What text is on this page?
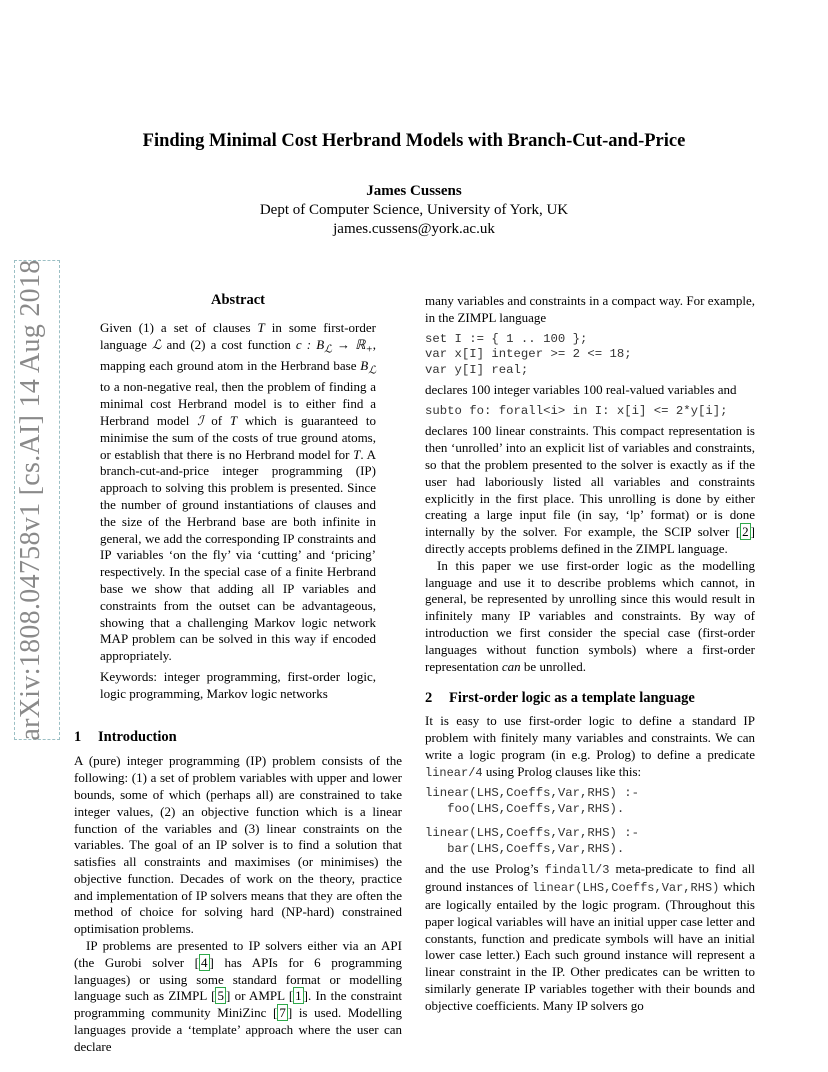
arXiv:1808.04758v1 [cs.AI] 14 Aug 2018
Finding Minimal Cost Herbrand Models with Branch-Cut-and-Price
James Cussens
Dept of Computer Science, University of York, UK
james.cussens@york.ac.uk
Abstract

Given (1) a set of clauses T in some first-order language ℒ and (2) a cost function c : $B_ℒ$ → ℝ$_+$, mapping each ground atom in the Herbrand base $B_ℒ$ to a non-negative real, then the problem of finding a minimal cost Herbrand model is to either find a Herbrand model ℐ of T which is guaranteed to minimise the sum of the costs of true ground atoms, or establish that there is no Herbrand model for T. A branch-cut-and-price integer programming (IP) approach to solving this problem is presented. Since the number of ground instantiations of clauses and the size of the Herbrand base are both infinite in general, we add the corresponding IP constraints and IP variables ‘on the fly’ via ‘cutting’ and ‘pricing’ respectively. In the special case of a finite Herbrand base we show that adding all IP variables and constraints from the outset can be advantageous, showing that a challenging Markov logic network MAP problem can be solved in this way if encoded appropriately.

Keywords: integer programming, first-order logic, logic programming, Markov logic networks

1 Introduction

A (pure) integer programming (IP) problem consists of the following: (1) a set of problem variables with upper and lower bounds, some of which (perhaps all) are constrained to take integer values, (2) an objective function which is a linear function of the variables and (3) linear constraints on the variables. The goal of an IP solver is to find a solution that satisfies all constraints and maximises (or minimises) the objective function. Decades of work on the theory, practice and implementation of IP solvers means that they are often the method of choice for solving hard (NP-hard) constrained optimisation problems.

IP problems are presented to IP solvers either via an API (the Gurobi solver [ 4 ] has APIs for 6 programming languages) or using some standard format or modelling language such as ZIMPL [ 5 ] or AMPL [ 1 ]. In the constraint programming community MiniZinc [ 7 ] is used. Modelling languages provide a ‘template’ approach where the user can declare

many variables and constraints in a compact way. For example, in the ZIMPL language

set I := { 1 .. 100 };
var x[I] integer >= 2 <= 18;
var y[I] real;

declares 100 integer variables 100 real-valued variables and

subto fo: forall<i> in I: x[i] <= 2*y[i];

declares 100 linear constraints. This compact representation is then ‘unrolled’ into an explicit list of variables and constraints, so that the problem presented to the solver is exactly as if the user had laboriously listed all variables and constraints explicitly in the first place. This unrolling is done by either creating a large input file (in say, ‘lp’ format) or is done internally by the solver. For example, the SCIP solver [ 2 ] directly accepts problems defined in the ZIMPL language.

In this paper we use first-order logic as the modelling language and use it to describe problems which cannot, in general, be represented by unrolling since this would result in infinitely many IP variables and constraints. By way of introduction we first consider the special case (first-order languages without function symbols) where a first-order representation can be unrolled.

2 First-order logic as a template language

It is easy to use first-order logic to define a standard IP problem with finitely many variables and constraints. We can write a logic program (in e.g. Prolog) to define a predicate linear/4 using Prolog clauses like this:

linear(LHS,Coeffs,Var,RHS) :-
foo(LHS,Coeffs,Var,RHS).
linear(LHS,Coeffs,Var,RHS) :-
bar(LHS,Coeffs,Var,RHS).

and the use Prolog’s findall/3 meta-predicate to find all ground instances of linear(LHS,Coeffs,Var,RHS) which are logically entailed by the logic program. (Throughout this paper logical variables will have an initial upper case letter and constants, function and predicate symbols will have an initial lower case letter.) Each such ground instance will represent a linear constraint in the IP. Other predicates can be written to similarly generate IP variables together with their bounds and objective coefficients. Many IP solvers go
